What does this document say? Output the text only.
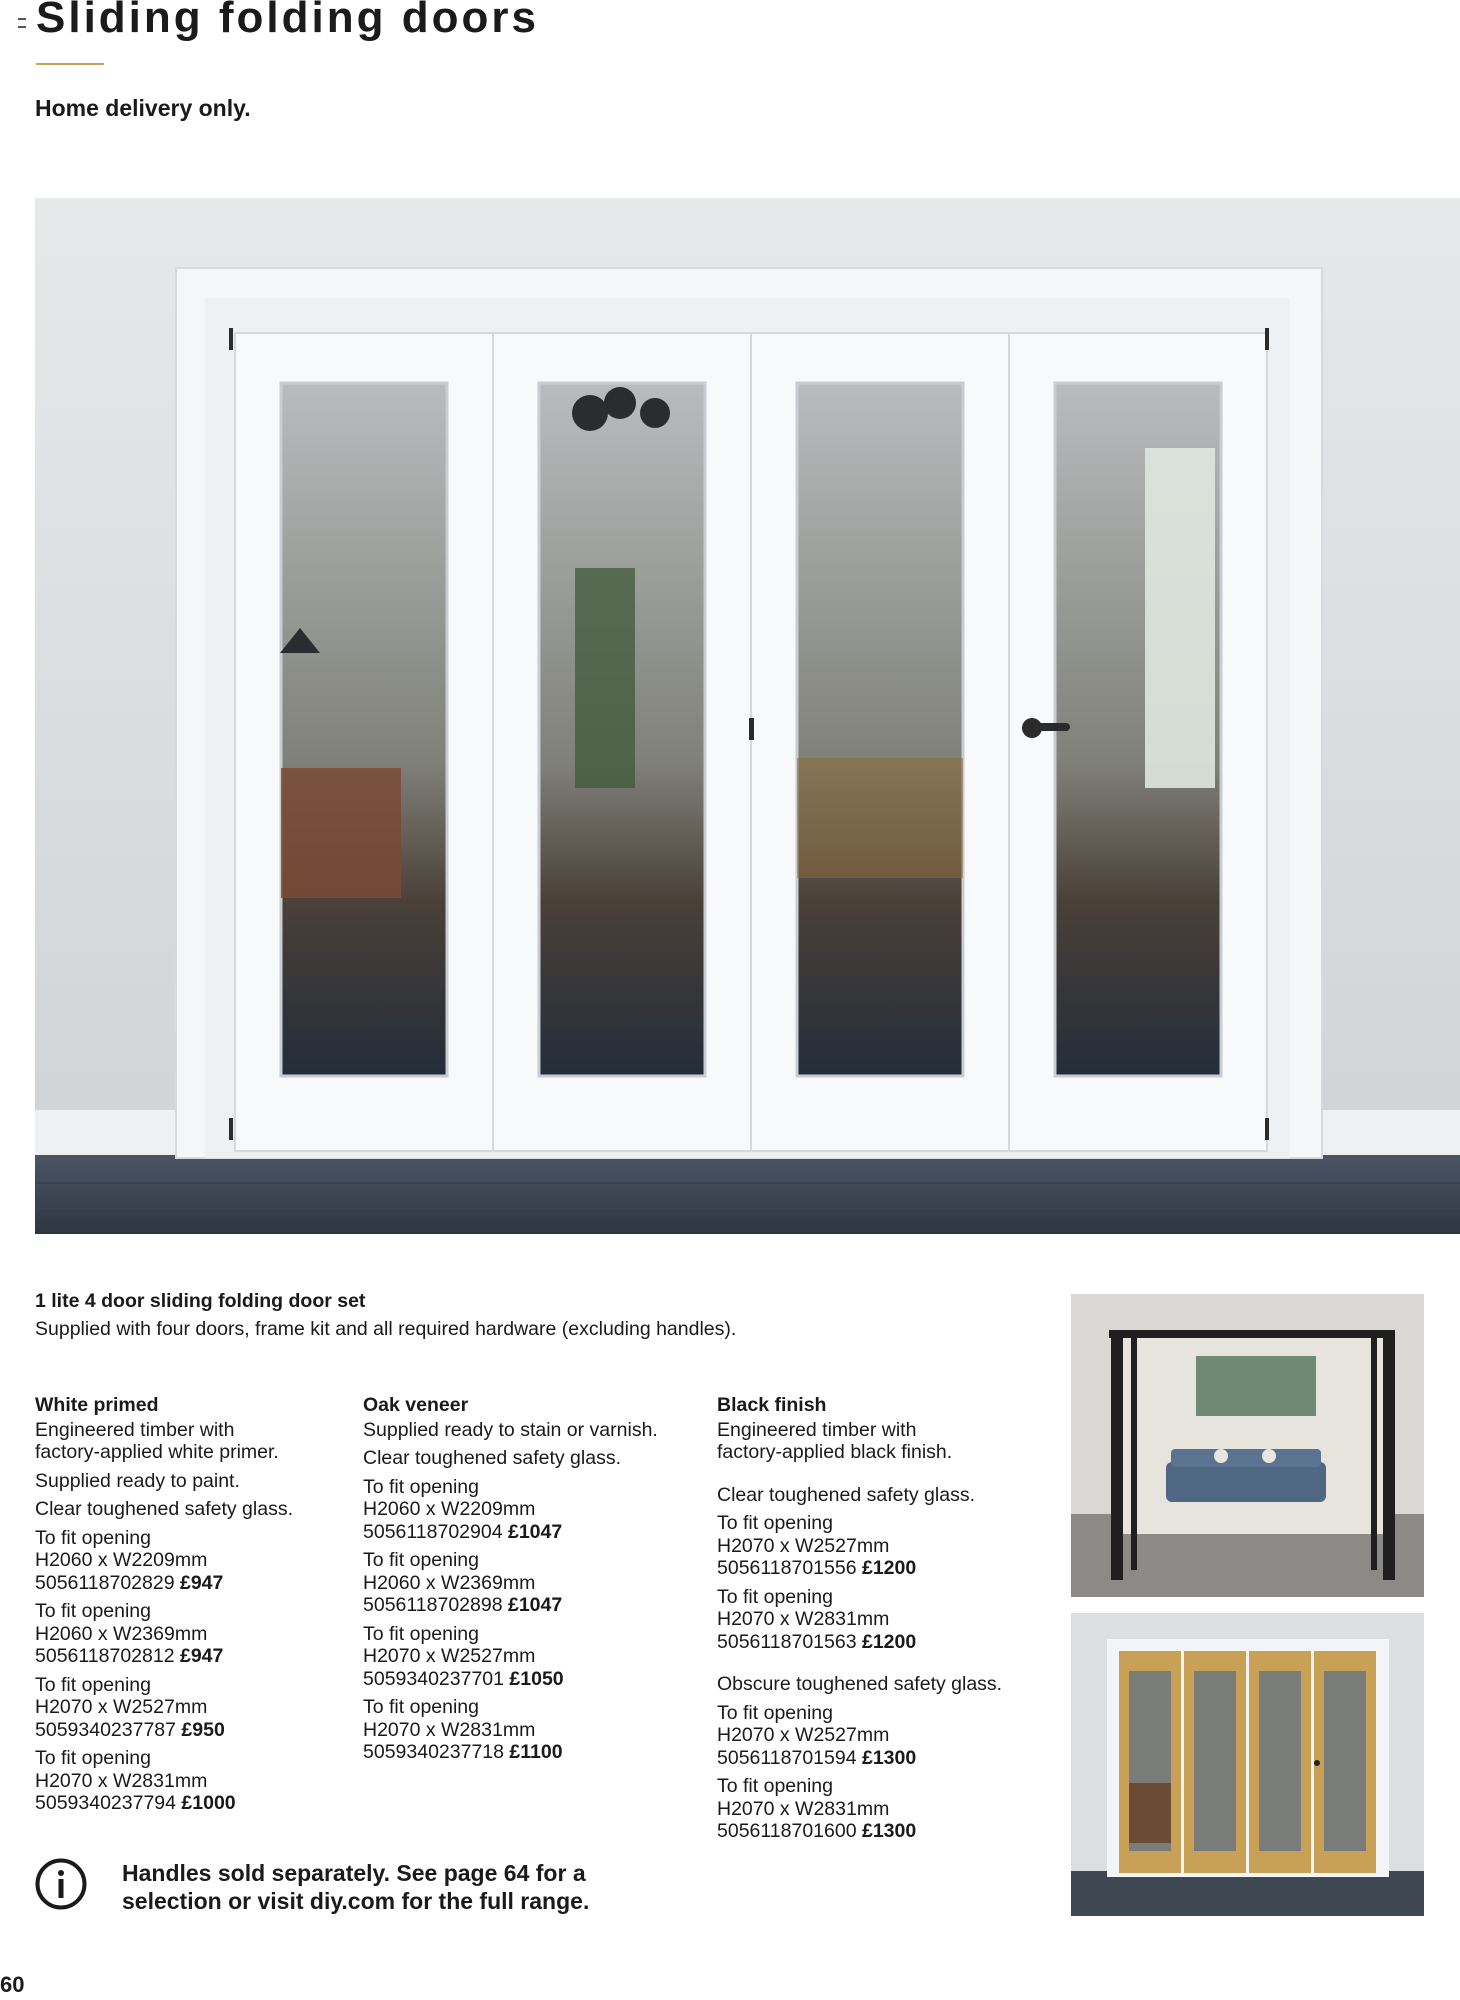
Sliding folding doors
Home delivery only.
1 lite 4 door sliding folding door set
Supplied with four doors, frame kit and all required hardware (excluding handles).
White primed
Engineered timber with
factory-applied white primer.
Supplied ready to paint.
Clear toughened safety glass.
To fit opening
H2060 x W2209mm
5056118702829 £947
To fit opening
H2060 x W2369mm
5056118702812 £947
To fit opening
H2070 x W2527mm
5059340237787 £950
To fit opening
H2070 x W2831mm
5059340237794 £1000
Oak veneer
Supplied ready to stain or varnish.
Clear toughened safety glass.
To fit opening
H2060 x W2209mm
5056118702904 £1047
To fit opening
H2060 x W2369mm
5056118702898 £1047
To fit opening
H2070 x W2527mm
5059340237701 £1050
To fit opening
H2070 x W2831mm
5059340237718 £1100
Black finish
Engineered timber with
factory-applied black finish.
Clear toughened safety glass.
To fit opening
H2070 x W2527mm
5056118701556 £1200
To fit opening
H2070 x W2831mm
5056118701563 £1200
Obscure toughened safety glass.
To fit opening
H2070 x W2527mm
5056118701594 £1300
To fit opening
H2070 x W2831mm
5056118701600 £1300
Handles sold separately. See page 64 for a
selection or visit diy.com for the full range.
60
